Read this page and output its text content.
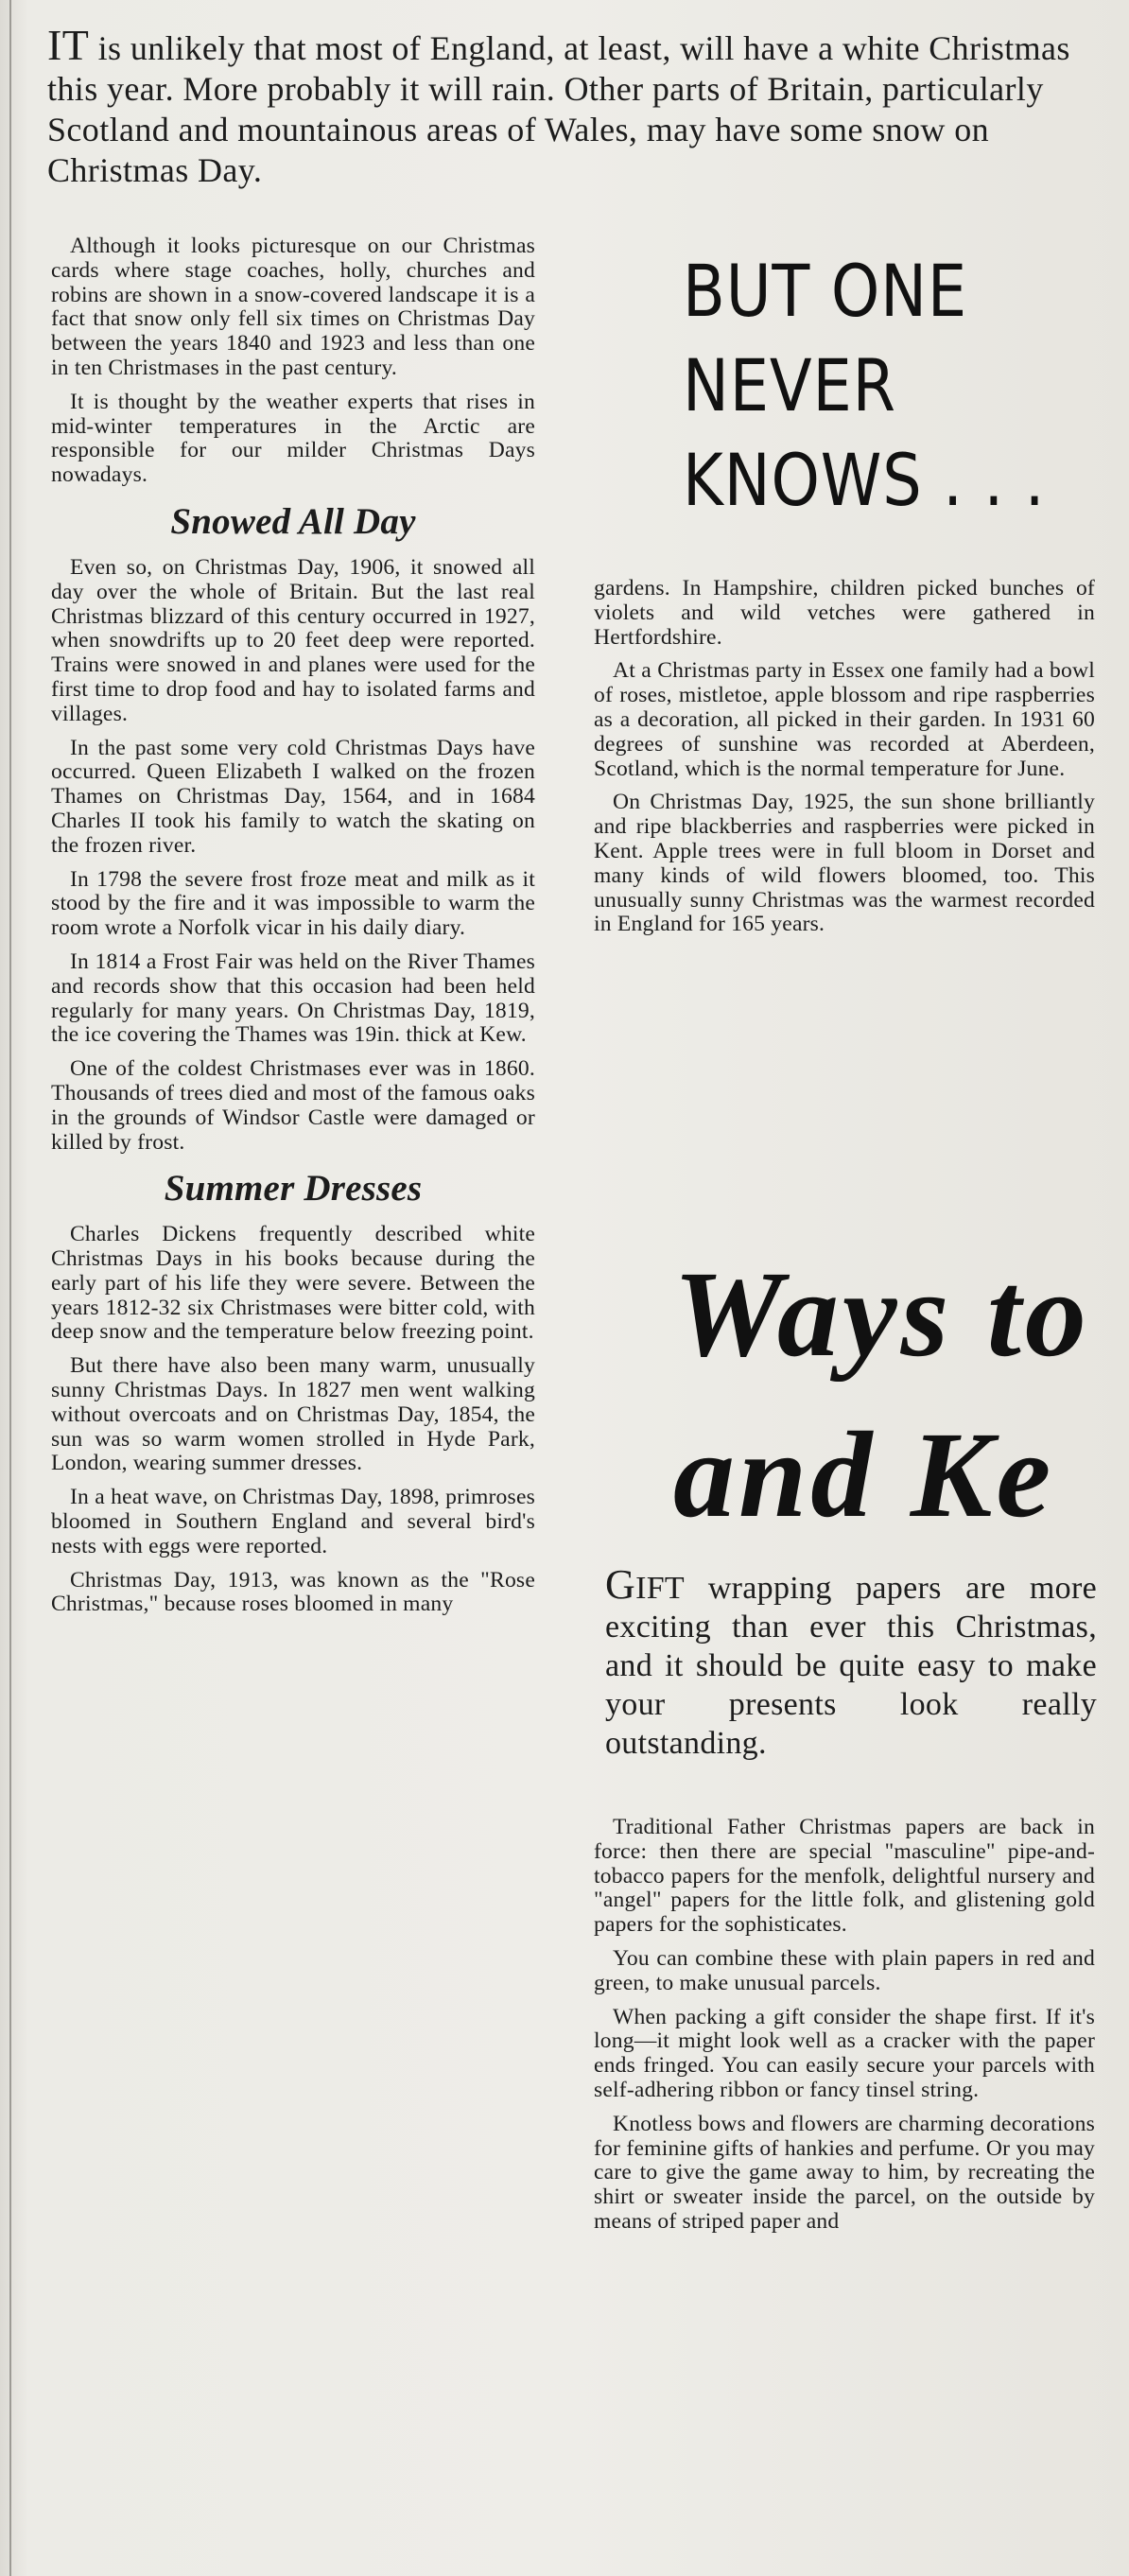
IT is unlikely that most of England, at least, will have a white Christmas this year. More probably it will rain. Other parts of Britain, particularly Scotland and mountainous areas of Wales, may have some snow on Christmas Day.

Although it looks picturesque on our Christmas cards where stage coaches, holly, churches and robins are shown in a snow-covered landscape it is a fact that snow only fell six times on Christmas Day between the years 1840 and 1923 and less than one in ten Christmases in the past century.

It is thought by the weather experts that rises in mid-winter temperatures in the Arctic are responsible for our milder Christmas Days nowadays.

Snowed All Day

Even so, on Christmas Day, 1906, it snowed all day over the whole of Britain. But the last real Christmas blizzard of this century occurred in 1927, when snowdrifts up to 20 feet deep were reported. Trains were snowed in and planes were used for the first time to drop food and hay to isolated farms and villages.

In the past some very cold Christmas Days have occurred. Queen Elizabeth I walked on the frozen Thames on Christmas Day, 1564, and in 1684 Charles II took his family to watch the skating on the frozen river.

In 1798 the severe frost froze meat and milk as it stood by the fire and it was impossible to warm the room wrote a Norfolk vicar in his daily diary.

In 1814 a Frost Fair was held on the River Thames and records show that this occasion had been held regularly for many years. On Christmas Day, 1819, the ice covering the Thames was 19in. thick at Kew.

One of the coldest Christmases ever was in 1860. Thousands of trees died and most of the famous oaks in the grounds of Windsor Castle were damaged or killed by frost.

Summer Dresses

Charles Dickens frequently described white Christmas Days in his books because during the early part of his life they were severe. Between the years 1812-32 six Christmases were bitter cold, with deep snow and the temperature below freezing point.

But there have also been many warm, unusually sunny Christmas Days. In 1827 men went walking without overcoats and on Christmas Day, 1854, the sun was so warm women strolled in Hyde Park, London, wearing summer dresses.

In a heat wave, on Christmas Day, 1898, primroses bloomed in Southern England and several bird's nests with eggs were reported.

Christmas Day, 1913, was known as the "Rose Christmas," because roses bloomed in many

BUT ONE
NEVER
KNOWS . . .

gardens. In Hampshire, children picked bunches of violets and wild vetches were gathered in Hertfordshire.

At a Christmas party in Essex one family had a bowl of roses, mistletoe, apple blossom and ripe raspberries as a decoration, all picked in their garden. In 1931 60 degrees of sunshine was recorded at Aberdeen, Scotland, which is the normal temperature for June.

On Christmas Day, 1925, the sun shone brilliantly and ripe blackberries and raspberries were picked in Kent. Apple trees were in full bloom in Dorset and many kinds of wild flowers bloomed, too. This unusually sunny Christmas was the warmest recorded in England for 165 years.

Ways to
and Ke
GIFT wrapping papers are more exciting than ever this Christmas, and it should be quite easy to make your presents look really outstanding.

Traditional Father Christmas papers are back in force: then there are special "masculine" pipe-and-tobacco papers for the menfolk, delightful nursery and "angel" papers for the little folk, and glistening gold papers for the sophisticates.

You can combine these with plain papers in red and green, to make unusual parcels.

When packing a gift consider the shape first. If it's long—it might look well as a cracker with the paper ends fringed. You can easily secure your parcels with self-adhering ribbon or fancy tinsel string.

Knotless bows and flowers are charming decorations for feminine gifts of hankies and perfume. Or you may care to give the game away to him, by recreating the shirt or sweater inside the parcel, on the outside by means of striped paper and
